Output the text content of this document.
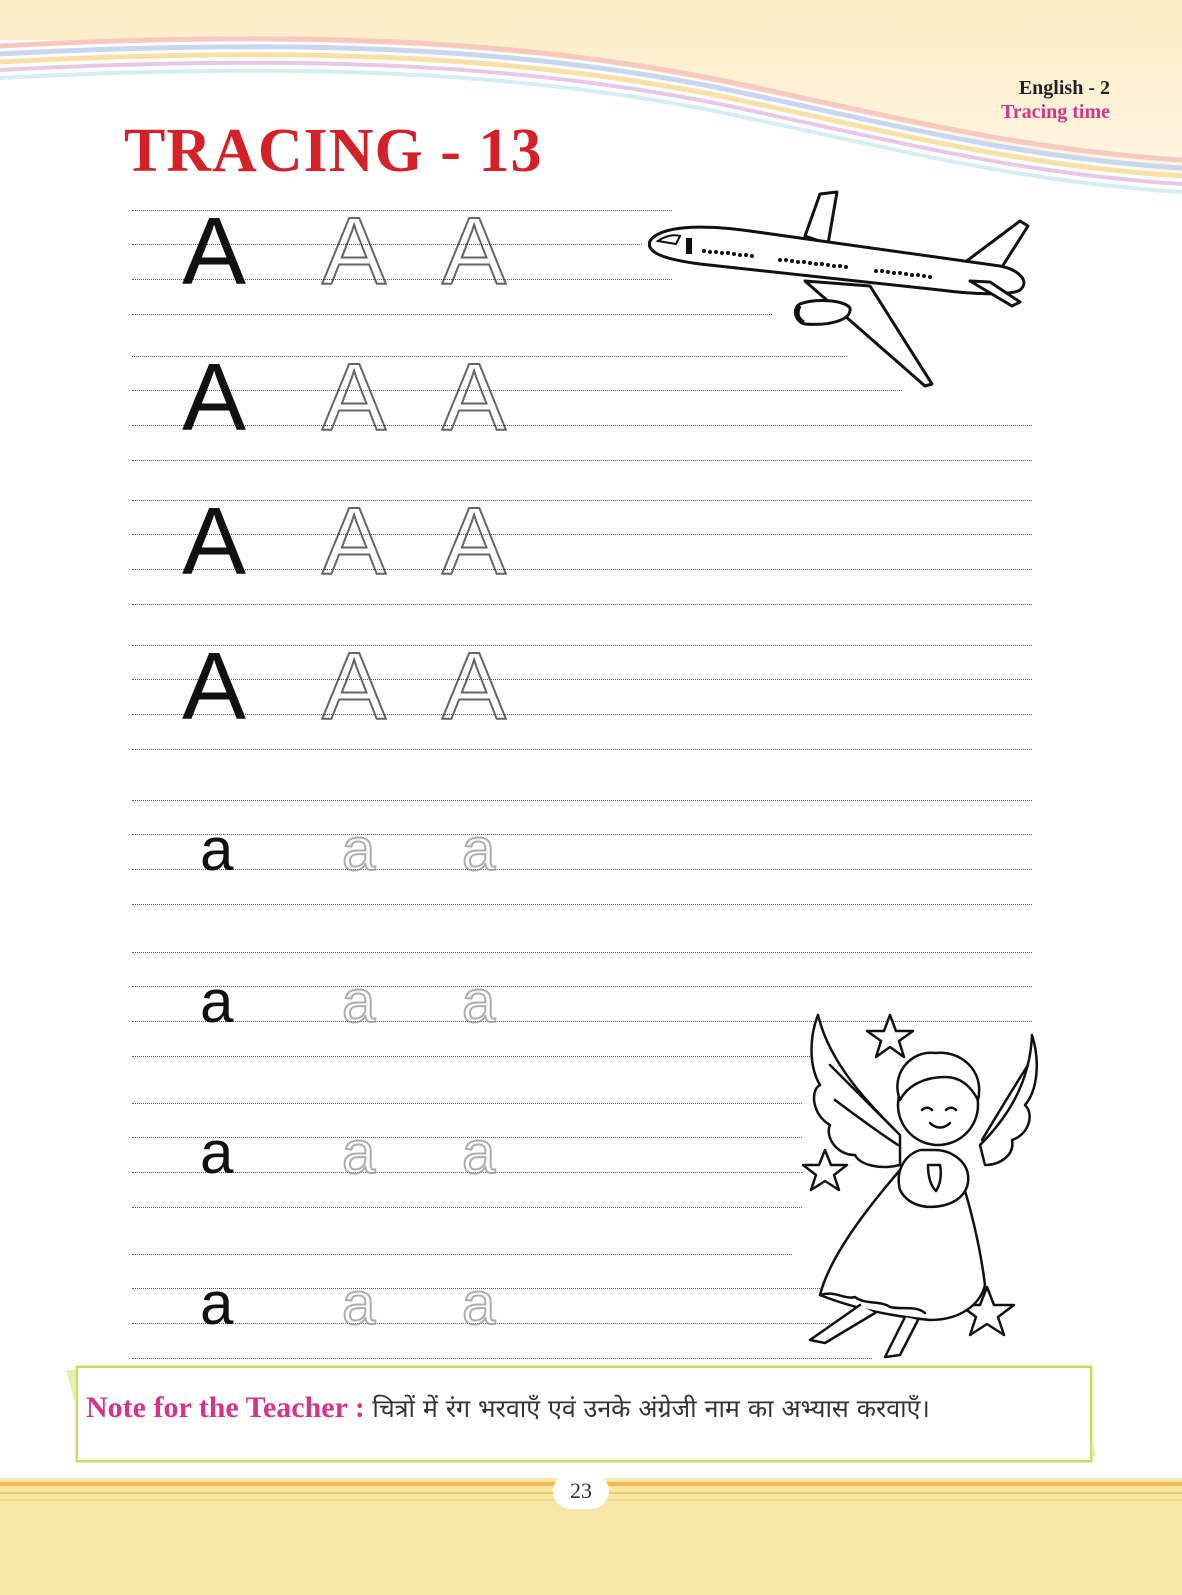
English - 2
Tracing time
TRACING - 13
A A A
A A A
A A A
A A A
a a a
a a a
a a a
a a a
Note for the Teacher : चित्रों में रंग भरवाएँ एवं उनके अंग्रेजी नाम का अभ्यास करवाएँ।
23
